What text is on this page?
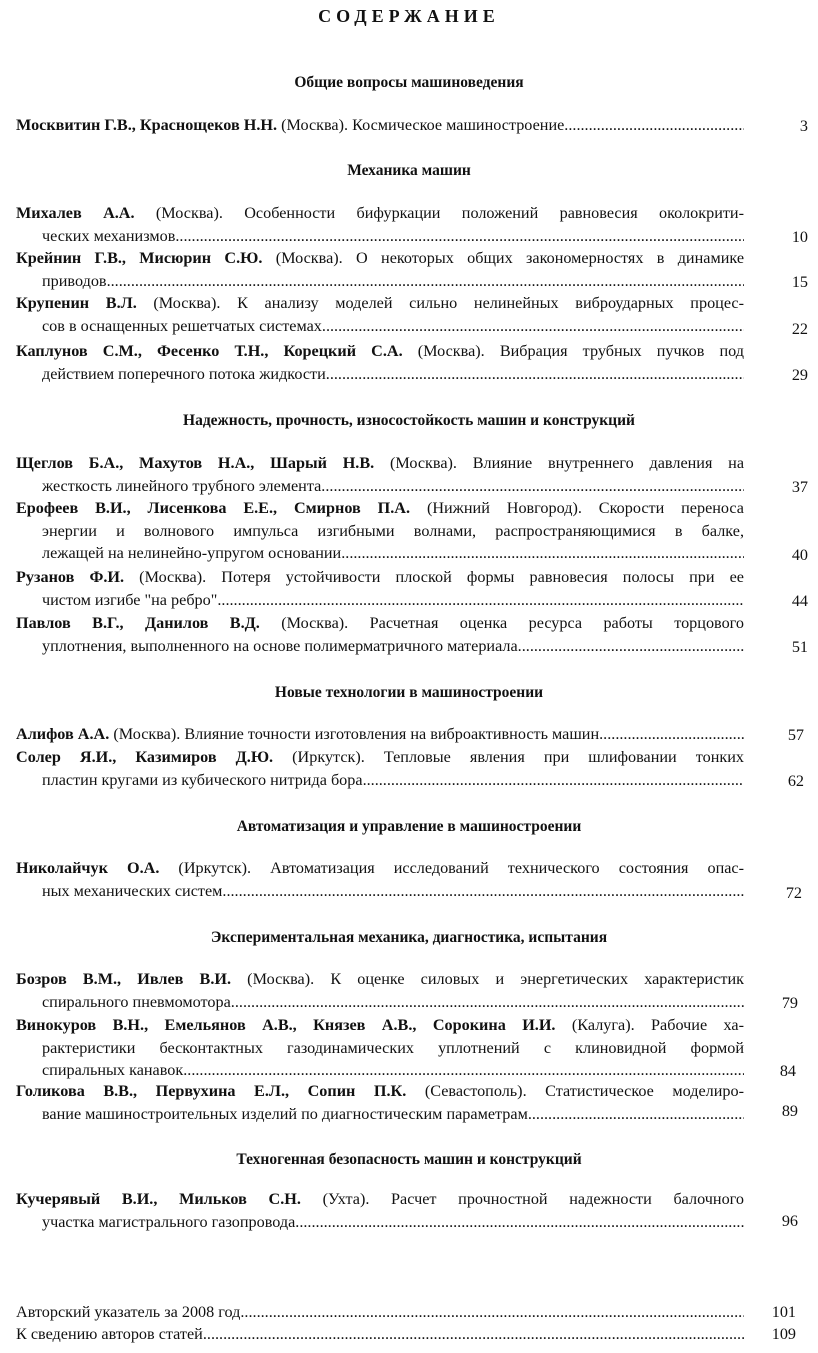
СОДЕРЖАНИЕ
Общие вопросы машиноведения
Механика машин
Надежность, прочность, износостойкость машин и конструкций
Новые технологии в машиностроении
Автоматизация и управление в машиностроении
Экспериментальная механика, диагностика, испытания
Техногенная безопасность машин и конструкций
Москвитин Г.В., Краснощеков Н.Н. (Москва). Космическое машиностроение .....	3
Михалев А.А. (Москва). Особенности бифуркации положений равновесия околокрити-
ческих механизмов .....	10
Крейнин Г.В., Мисюрин С.Ю. (Москва). О некоторых общих закономерностях в динамике
приводов .....	15
Крупенин В.Л. (Москва). К анализу моделей сильно нелинейных виброударных процес-
сов в оснащенных решетчатых системах .....	22
Каплунов С.М., Фесенко Т.Н., Корецкий С.А. (Москва). Вибрация трубных пучков под
действием поперечного потока жидкости .....	29
Щеглов Б.А., Махутов Н.А., Шарый Н.В. (Москва). Влияние внутреннего давления на
жесткость линейного трубного элемента .....	37
Ерофеев В.И., Лисенкова Е.Е., Смирнов П.А. (Нижний Новгород). Скорости переноса
энергии и волнового импульса изгибными волнами, распространяющимися в балке,
лежащей на нелинейно-упругом основании .....	40
Рузанов Ф.И. (Москва). Потеря устойчивости плоской формы равновесия полосы при ее
чистом изгибе "на ребро" .....	44
Павлов В.Г., Данилов В.Д. (Москва). Расчетная оценка ресурса работы торцового
уплотнения, выполненного на основе полимерматричного материала .....	51
Алифов А.А. (Москва). Влияние точности изготовления на виброактивность машин .....	57
Солер Я.И., Казимиров Д.Ю. (Иркутск). Тепловые явления при шлифовании тонких
пластин кругами из кубического нитрида бора .....	62
Николайчук О.А. (Иркутск). Автоматизация исследований технического состояния опас-
ных механических систем .....	72
Бозров В.М., Ивлев В.И. (Москва). К оценке силовых и энергетических характеристик
спирального пневмомотора .....	79
Винокуров В.Н., Емельянов А.В., Князев А.В., Сорокина И.И. (Калуга). Рабочие ха-
рактеристики бесконтактных газодинамических уплотнений с клиновидной формой
спиральных канавок .....	84
Голикова В.В., Первухина Е.Л., Сопин П.К. (Севастополь). Статистическое моделиро-
вание машиностроительных изделий по диагностическим параметрам .....	89
Кучерявый В.И., Мильков С.Н. (Ухта). Расчет прочностной надежности балочного
участка магистрального газопровода .....	96
Авторский указатель за 2008 год .....	101
К сведению авторов статей .....	109
